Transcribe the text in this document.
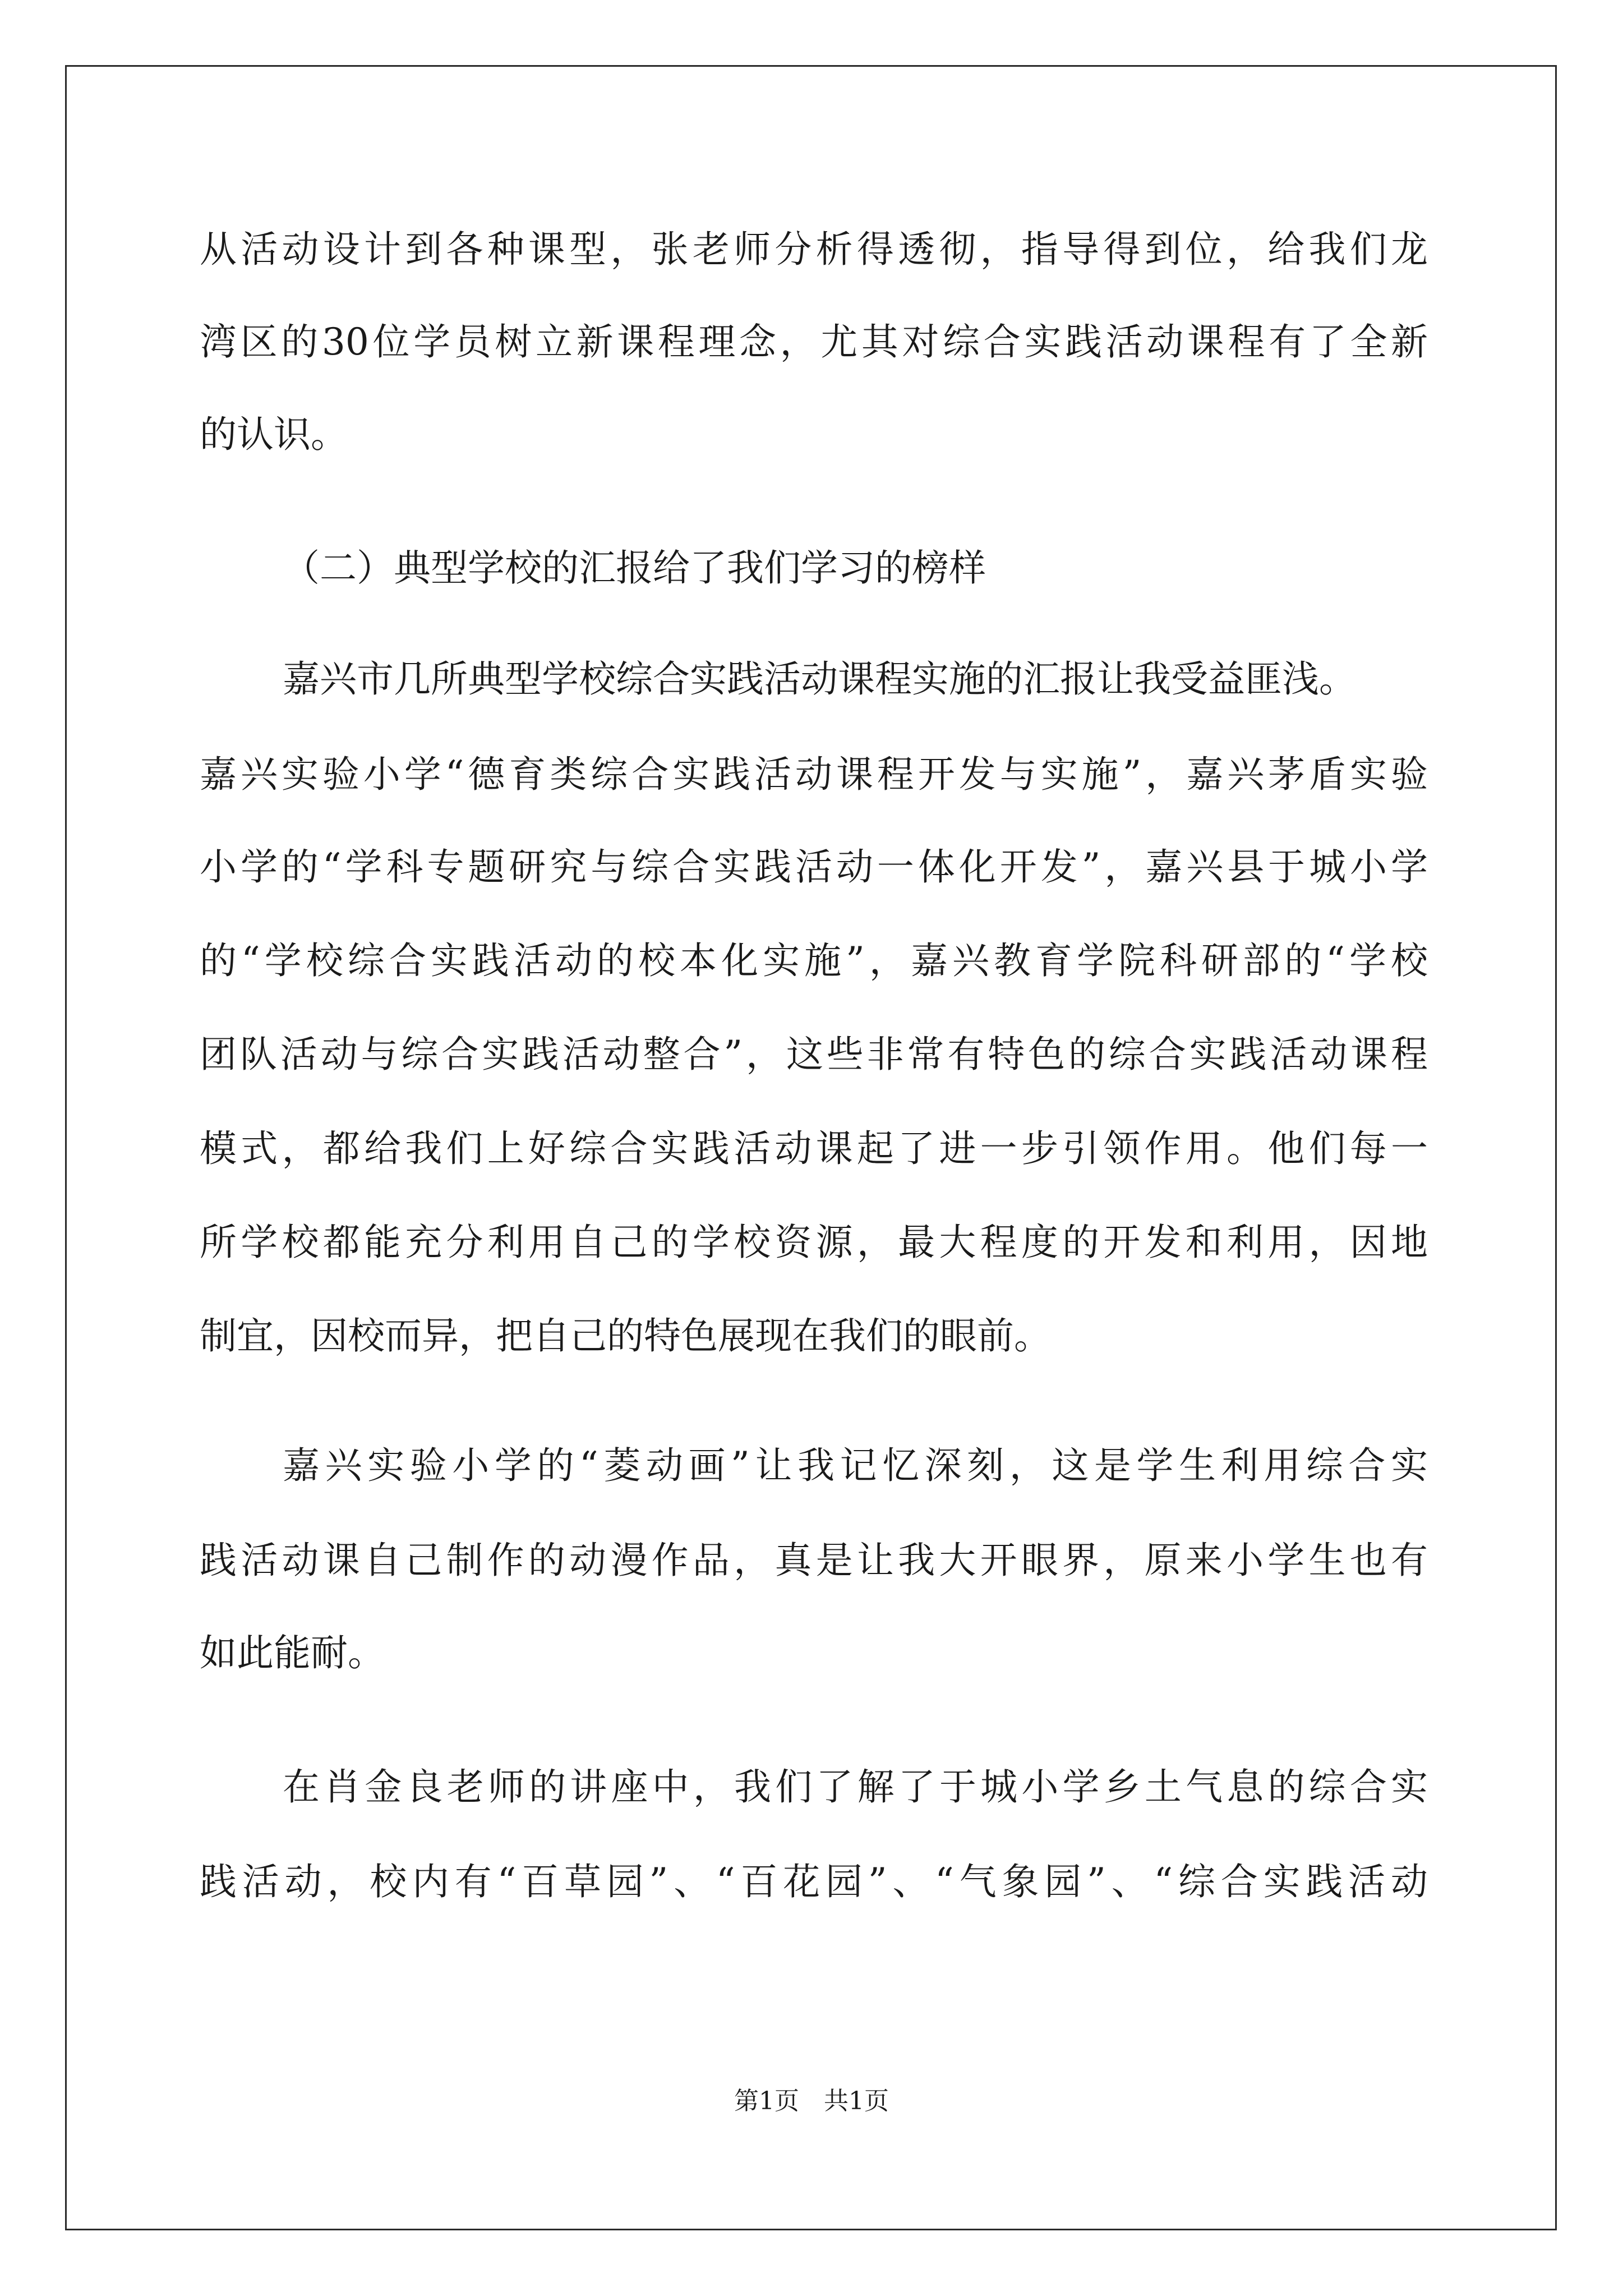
从活动设计到各种课型，张老师分析得透彻，指导得到位，给我们龙
湾区的30位学员树立新课程理念，尤其对综合实践活动课程有了全新
的认识。
（二）典型学校的汇报给了我们学习的榜样
嘉兴市几所典型学校综合实践活动课程实施的汇报让我受益匪浅。
嘉兴实验小学“德育类综合实践活动课程开发与实施”，嘉兴茅盾实验
小学的“学科专题研究与综合实践活动一体化开发”，嘉兴县于城小学
的“学校综合实践活动的校本化实施”，嘉兴教育学院科研部的“学校
团队活动与综合实践活动整合”，这些非常有特色的综合实践活动课程
模式，都给我们上好综合实践活动课起了进一步引领作用。他们每一
所学校都能充分利用自己的学校资源，最大程度的开发和利用，因地
制宜，因校而异，把自己的特色展现在我们的眼前。
嘉兴实验小学的“菱动画”让我记忆深刻，这是学生利用综合实
践活动课自己制作的动漫作品，真是让我大开眼界，原来小学生也有
如此能耐。
在肖金良老师的讲座中，我们了解了于城小学乡土气息的综合实
践活动，校内有“百草园”、“百花园”、“气象园”、“综合实践活动
第1页　共1页
